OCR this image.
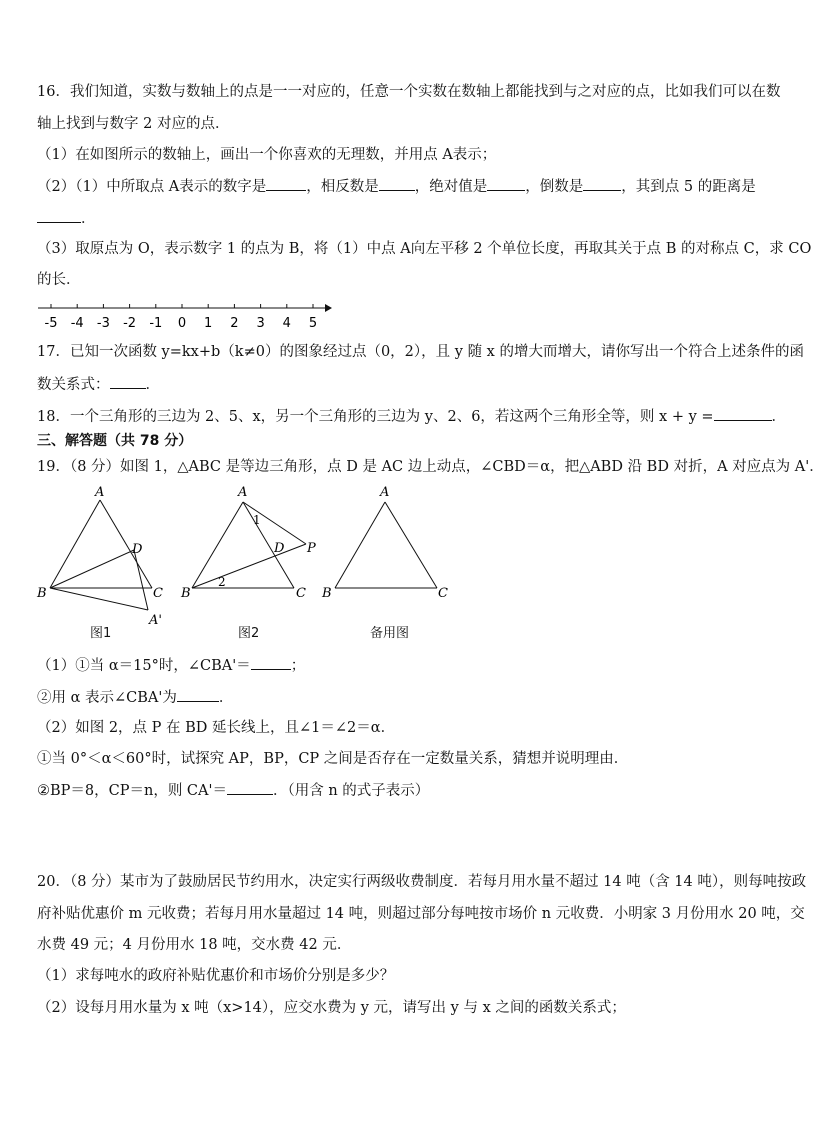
16．我们知道，实数与数轴上的点是一一对应的，任意一个实数在数轴上都能找到与之对应的点，比如我们可以在数
轴上找到与数字 2 对应的点．
（1）在如图所示的数轴上，画出一个你喜欢的无理数，并用点 A表示；
（2）（1）中所取点 A表示的数字是	，相反数是 ，绝对值是	，倒数是	，其到点 5 的距离是
．
（3）取原点为 O，表示数字 1 的点为 B，将（1）中点 A向左平移 2 个单位长度，再取其关于点 B 的对称点 C，求 CO
的长．
-5 -4 -3 -2 -1 0 1 2 3 4 5
17．已知一次函数 y=kx+b（k≠0）的图象经过点（0，2），且 y 随 x 的增大而增大，请你写出一个符合上述条件的函
数关系式： ．
18．一个三角形的三边为 2、5、x，另一个三角形的三边为 y、2、6，若这两个三角形全等，则 x + y =	．
三、解答题（共 78 分）
19．（8 分）如图 1，△ABC 是等边三角形，点 D 是 AC 边上动点，∠CBD＝α，把△ABD 沿 BD 对折，A 对应点为 A'．
A
B	C
D
A'
A
B	C
D P
1
2
A
B	C
图1	图2	备用图
（1）①当 α＝15°时，∠CBA'＝	；
②用 α 表示∠CBA'为	．
（2）如图 2，点 P 在 BD 延长线上，且∠1＝∠2＝α．
①当 0°＜α＜60°时，试探究 AP，BP，CP 之间是否存在一定数量关系，猜想并说明理由．
②BP＝8，CP＝n，则 CA'＝	．（用含 n 的式子表示）
20．（8 分）某市为了鼓励居民节约用水，决定实行两级收费制度．若每月用水量不超过 14 吨（含 14 吨），则每吨按政
府补贴优惠价 m 元收费；若每月用水量超过 14 吨，则超过部分每吨按市场价 n 元收费．小明家 3 月份用水 20 吨，交
水费 49 元；4 月份用水 18 吨，交水费 42 元．
（1）求每吨水的政府补贴优惠价和市场价分别是多少？
（2）设每月用水量为 x 吨（x>14），应交水费为 y 元，请写出 y 与 x 之间的函数关系式；
